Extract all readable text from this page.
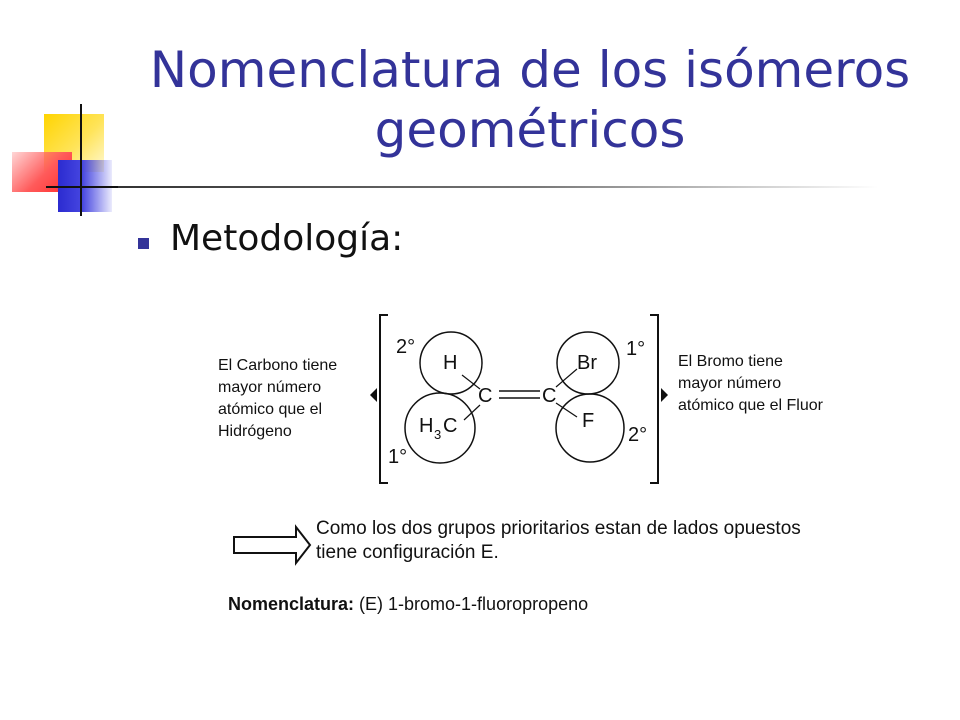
Nomenclatura de los isómeros geométricos
Metodología:
H
H 3 C
C C
Br
F
2°
1°
1°
2°
El Carbono tiene mayor número atómico que el Hidrógeno
El Bromo tiene mayor número atómico que el Fluor
Como los dos grupos prioritarios estan de lados opuestos tiene configuración E.
Nomenclatura: (E) 1-bromo-1-fluoropropeno
